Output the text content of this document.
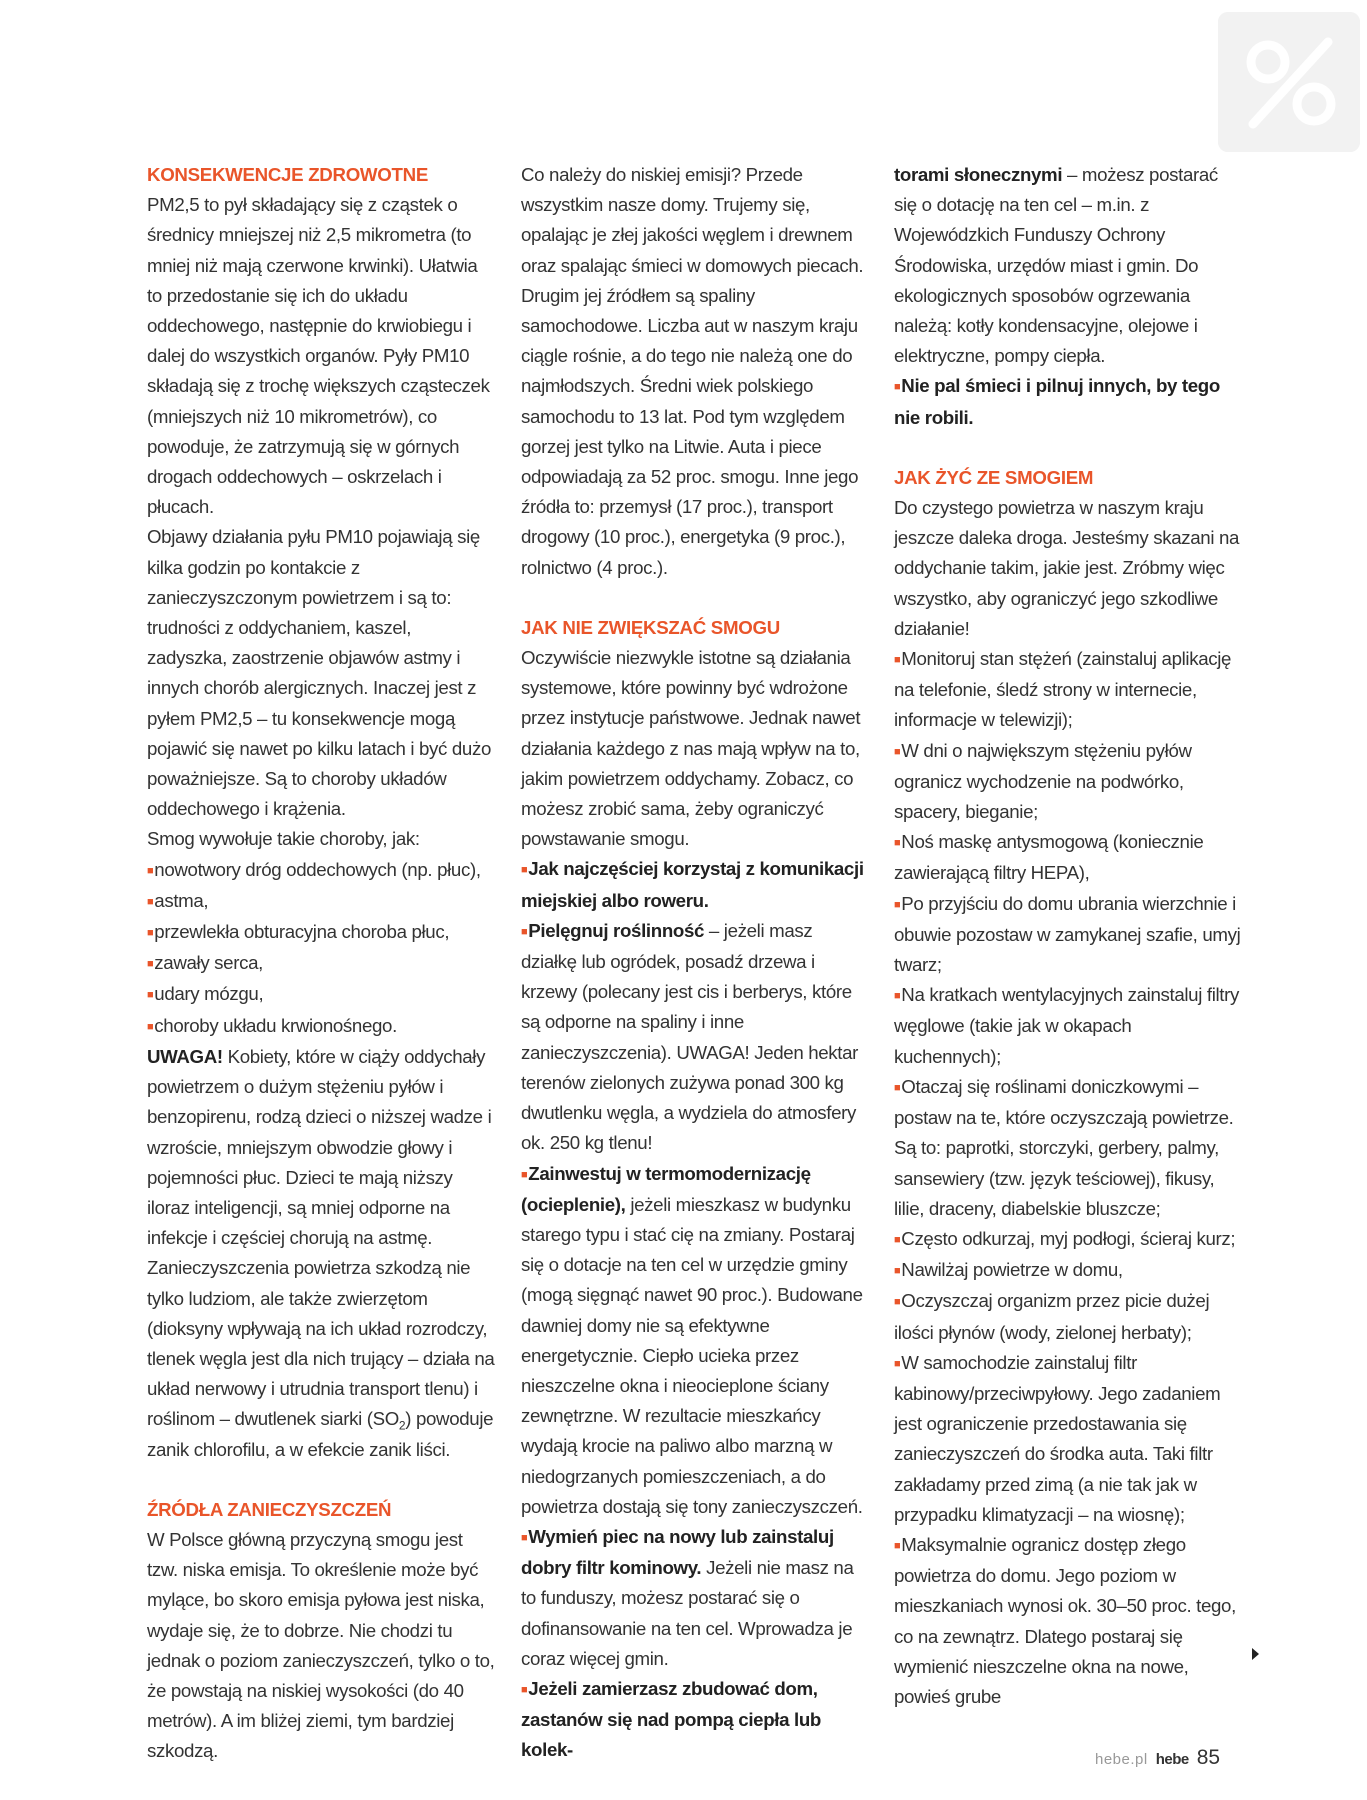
KONSEKWENCJE ZDROWOTNE

PM2,5 to pył składający się z cząstek o średnicy mniejszej niż 2,5 mikrometra (to mniej niż mają czerwone krwinki). Ułatwia to przedostanie się ich do układu oddechowego, następnie do krwiobiegu i dalej do wszystkich organów. Pyły PM10 składają się z trochę większych cząsteczek (mniejszych niż 10 mikrometrów), co powoduje, że zatrzymują się w górnych drogach oddechowych – oskrzelach i płucach.

Objawy działania pyłu PM10 pojawiają się kilka godzin po kontakcie z zanieczyszczonym powietrzem i są to: trudności z oddychaniem, kaszel, zadyszka, zaostrzenie objawów astmy i innych chorób alergicznych. Inaczej jest z pyłem PM2,5 – tu konsekwencje mogą pojawić się nawet po kilku latach i być dużo poważniejsze. Są to choroby układów oddechowego i krążenia.

Smog wywołuje takie choroby, jak:

■nowotwory dróg oddechowych (np. płuc),

■astma,

■przewlekła obturacyjna choroba płuc,

■zawały serca,

■udary mózgu,

■choroby układu krwionośnego.

UWAGA! Kobiety, które w ciąży oddychały powietrzem o dużym stężeniu pyłów i benzopirenu, rodzą dzieci o niższej wadze i wzroście, mniejszym obwodzie głowy i pojemności płuc. Dzieci te mają niższy iloraz inteligencji, są mniej odporne na infekcje i częściej chorują na astmę.

Zanieczyszczenia powietrza szkodzą nie tylko ludziom, ale także zwierzętom (dioksyny wpływają na ich układ rozrodczy, tlenek węgla jest dla nich trujący – działa na układ nerwowy i utrudnia transport tlenu) i roślinom – dwutlenek siarki $(SO_2)$ powoduje zanik chlorofilu, a w efekcie zanik liści.

ŹRÓDŁA ZANIECZYSZCZEŃ

W Polsce główną przyczyną smogu jest tzw. niska emisja. To określenie może być mylące, bo skoro emisja pyłowa jest niska, wydaje się, że to dobrze. Nie chodzi tu jednak o poziom zanieczyszczeń, tylko o to, że powstają na niskiej wysokości (do 40 metrów). A im bliżej ziemi, tym bardziej szkodzą.

Co należy do niskiej emisji? Przede wszystkim nasze domy. Trujemy się, opalając je złej jakości węglem i drewnem oraz spalając śmieci w domowych piecach. Drugim jej źródłem są spaliny samochodowe. Liczba aut w naszym kraju ciągle rośnie, a do tego nie należą one do najmłodszych. Średni wiek polskiego samochodu to 13 lat. Pod tym względem gorzej jest tylko na Litwie. Auta i piece odpowiadają za 52 proc. smogu. Inne jego źródła to: przemysł (17 proc.), transport drogowy (10 proc.), energetyka (9 proc.), rolnictwo (4 proc.).

JAK NIE ZWIĘKSZAĆ SMOGU

Oczywiście niezwykle istotne są działania systemowe, które powinny być wdrożone przez instytucje państwowe. Jednak nawet działania każdego z nas mają wpływ na to, jakim powietrzem oddychamy. Zobacz, co możesz zrobić sama, żeby ograniczyć powstawanie smogu.

■Jak najczęściej korzystaj z komunikacji miejskiej albo roweru.

■Pielęgnuj roślinność – jeżeli masz działkę lub ogródek, posadź drzewa i krzewy (polecany jest cis i berberys, które są odporne na spaliny i inne zanieczyszczenia). UWAGA! Jeden hektar terenów zielonych zużywa ponad 300 kg dwutlenku węgla, a wydziela do atmosfery ok. 250 kg tlenu!

■Zainwestuj w termomodernizację (ocieplenie), jeżeli mieszkasz w budynku starego typu i stać cię na zmiany. Postaraj się o dotacje na ten cel w urzędzie gminy (mogą sięgnąć nawet 90 proc.). Budowane dawniej domy nie są efektywne energetycznie. Ciepło ucieka przez nieszczelne okna i nieocieplone ściany zewnętrzne. W rezultacie mieszkańcy wydają krocie na paliwo albo marzną w niedogrzanych pomieszczeniach, a do powietrza dostają się tony zanieczyszczeń.

■Wymień piec na nowy lub zainstaluj dobry filtr kominowy. Jeżeli nie masz na to funduszy, możesz postarać się o dofinansowanie na ten cel. Wprowadza je coraz więcej gmin.

■Jeżeli zamierzasz zbudować dom, zastanów się nad pompą ciepła lub kolek-

torami słonecznymi – możesz postarać się o dotację na ten cel – m.in. z Wojewódzkich Funduszy Ochrony Środowiska, urzędów miast i gmin. Do ekologicznych sposobów ogrzewania należą: kotły kondensacyjne, olejowe i elektryczne, pompy ciepła.

■Nie pal śmieci i pilnuj innych, by tego nie robili.

JAK ŻYĆ ZE SMOGIEM

Do czystego powietrza w naszym kraju jeszcze daleka droga. Jesteśmy skazani na oddychanie takim, jakie jest. Zróbmy więc wszystko, aby ograniczyć jego szkodliwe działanie!

■Monitoruj stan stężeń (zainstaluj aplikację na telefonie, śledź strony w internecie, informacje w telewizji);

■W dni o największym stężeniu pyłów ogranicz wychodzenie na podwórko, spacery, bieganie;

■Noś maskę antysmogową (koniecznie zawierającą filtry HEPA),

■Po przyjściu do domu ubrania wierzchnie i obuwie pozostaw w zamykanej szafie, umyj twarz;

■Na kratkach wentylacyjnych zainstaluj filtry węglowe (takie jak w okapach kuchennych);

■Otaczaj się roślinami doniczkowymi – postaw na te, które oczyszczają powietrze. Są to: paprotki, storczyki, gerbery, palmy, sansewiery (tzw. język teściowej), fikusy, lilie, draceny, diabelskie bluszcze;

■Często odkurzaj, myj podłogi, ścieraj kurz;

■Nawilżaj powietrze w domu,

■Oczyszczaj organizm przez picie dużej ilości płynów (wody, zielonej herbaty);

■W samochodzie zainstaluj filtr kabinowy/przeciwpyłowy. Jego zadaniem jest ograniczenie przedostawania się zanieczyszczeń do środka auta. Taki filtr zakładamy przed zimą (a nie tak jak w przypadku klimatyzacji – na wiosnę);

■Maksymalnie ogranicz dostęp złego powietrza do domu. Jego poziom w mieszkaniach wynosi ok. 30–50 proc. tego, co na zewnątrz. Dlatego postaraj się wymienić nieszczelne okna na nowe, powieś grube

hebe.pl hebe 85
